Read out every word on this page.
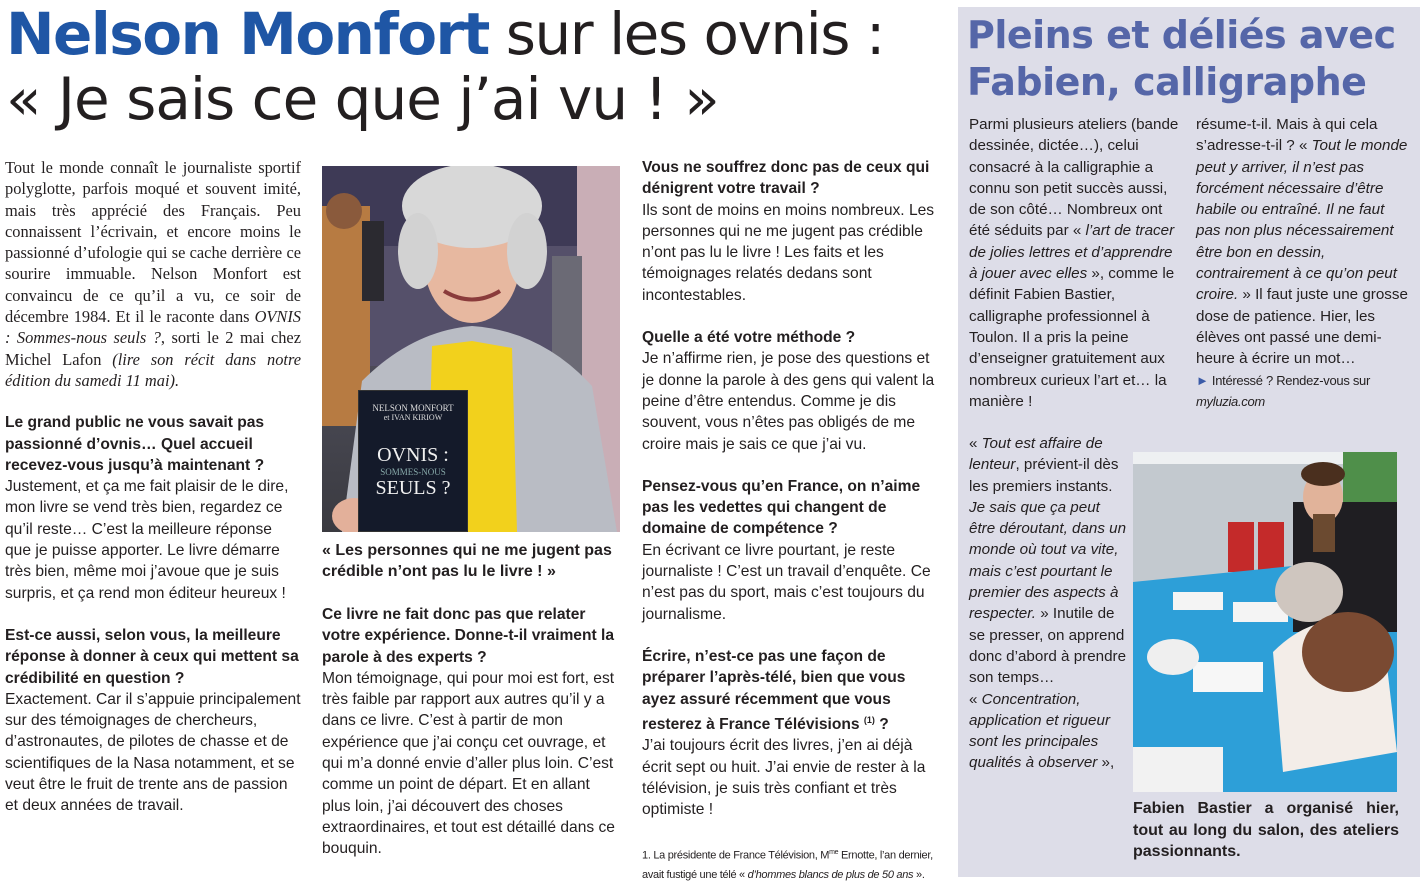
Nelson Monfort sur les ovnis :
« Je sais ce que j’ai vu ! »

Tout le monde connaît le journaliste sportif polyglotte, parfois moqué et souvent imité, mais très apprécié des Français. Peu connaissent l’écrivain, et encore moins le passionné d’ufologie qui se cache derrière ce sourire immuable. Nelson Monfort est convaincu de ce qu’il a vu, ce soir de décembre 1984. Et il le raconte dans OVNIS : Sommes-nous seuls ?, sorti le 2 mai chez Michel Lafon (lire son récit dans notre édition du samedi 11 mai).

Le grand public ne vous savait pas passionné d’ovnis… Quel accueil recevez-vous jusqu’à maintenant ?

Justement, et ça me fait plaisir de le dire, mon livre se vend très bien, regardez ce qu’il reste… C’est la meilleure réponse que je puisse apporter. Le livre démarre très bien, même moi j’avoue que je suis surpris, et ça rend mon éditeur heureux !

Est-ce aussi, selon vous, la meilleure réponse à donner à ceux qui mettent sa crédibilité en question ?

Exactement. Car il s’appuie principalement sur des témoignages de chercheurs, d’astronautes, de pilotes de chasse et de scientifiques de la Nasa notamment, et se veut être le fruit de trente ans de passion et deux années de travail.

NELSON MONFORT
et IVAN KIRIOW
OVNIS :
SOMMES-NOUS
SEULS ?
« Les personnes qui ne me jugent pas crédible n’ont pas lu le livre ! »

Ce livre ne fait donc pas que relater votre expérience. Donne-t-il vraiment la parole à des experts ?

Mon témoignage, qui pour moi est fort, est très faible par rapport aux autres qu’il y a dans ce livre. C’est à partir de mon expérience que j’ai conçu cet ouvrage, et qui m’a donné envie d’aller plus loin. C’est comme un point de départ. Et en allant plus loin, j’ai découvert des choses extraordinaires, et tout est détaillé dans ce bouquin.

Vous ne souffrez donc pas de ceux qui dénigrent votre travail ?

Ils sont de moins en moins nombreux. Les personnes qui ne me jugent pas crédible n’ont pas lu le livre ! Les faits et les témoignages relatés dedans sont incontestables.

Quelle a été votre méthode ?

Je n’affirme rien, je pose des questions et je donne la parole à des gens qui valent la peine d’être entendus. Comme je dis souvent, vous n’êtes pas obligés de me croire mais je sais ce que j’ai vu.

Pensez-vous qu’en France, on n’aime pas les vedettes qui changent de domaine de compétence ?

En écrivant ce livre pourtant, je reste journaliste ! C’est un travail d’enquête. Ce n’est pas du sport, mais c’est toujours du journalisme.

Écrire, n’est-ce pas une façon de préparer l’après-télé, bien que vous ayez assuré récemment que vous resterez à France Télévisions $^{(1)}$ ?

J’ai toujours écrit des livres, j’en ai déjà écrit sept ou huit. J’ai envie de rester à la télévision, je suis très confiant et très optimiste !

1. La présidente de France Télévision, $M^{me}$ Ernotte, l’an dernier, avait fustigé une télé « d’hommes blancs de plus de 50 ans ».
Pleins et déliés avec
Fabien, calligraphe

Parmi plusieurs ateliers (bande dessinée, dictée…), celui consacré à la calligraphie a connu son petit succès aussi, de son côté… Nombreux ont été séduits par « l’art de tracer de jolies lettres et d’apprendre à jouer avec elles », comme le définit Fabien Bastier, calligraphe professionnel à Toulon. Il a pris la peine d’enseigner gratuitement aux nombreux curieux l’art et… la manière !

« Tout est affaire de lenteur, prévient-il dès les premiers instants. Je sais que ça peut être déroutant, dans un monde où tout va vite, mais c’est pourtant le premier des aspects à respecter. » Inutile de se presser, on apprend donc d’abord à prendre son temps…

« Concentration, application et rigueur sont les principales qualités à observer »,

résume-t-il. Mais à qui cela s’adresse-t-il ? « Tout le monde peut y arriver, il n’est pas forcément nécessaire d’être habile ou entraîné. Il ne faut pas non plus nécessairement être bon en dessin, contrairement à ce qu’on peut croire. » Il faut juste une grosse dose de patience. Hier, les élèves ont passé une demi-heure à écrire un mot…

► Intéressé ? Rendez-vous sur myluzia.com

Fabien Bastier a organisé hier, tout au long du salon, des ateliers passionnants.
